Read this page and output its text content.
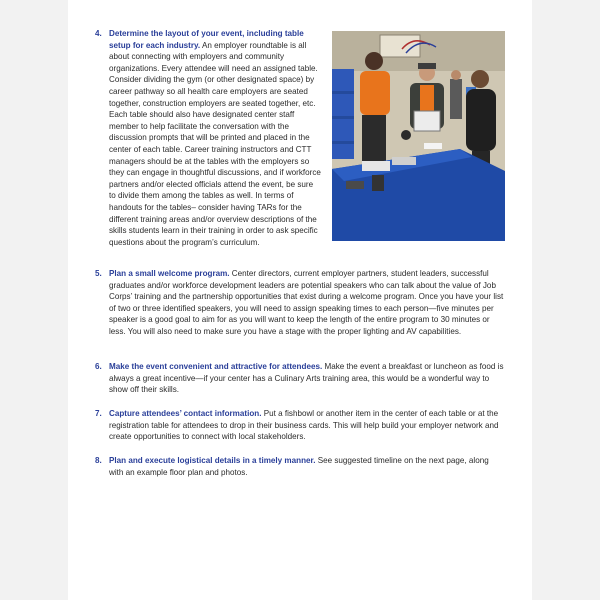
4. Determine the layout of your event, including table setup for each industry. An employer roundtable is all about connecting with employers and community organizations. Every attendee will need an assigned table. Consider dividing the gym (or other designated space) by career pathway so all health care employers are seated together, construction employers are seated together, etc. Each table should also have designated center staff member to help facilitate the conversation with the discussion prompts that will be printed and placed in the center of each table. Career training instructors and CTT managers should be at the tables with the employers so they can engage in thoughtful discussions, and if workforce partners and/or elected officials attend the event, be sure to divide them among the tables as well. In terms of handouts for the tables– consider having TARs for the different training areas and/or overview descriptions of the skills students learn in their training in order to ask specific questions about the program’s curriculum.
5. Plan a small welcome program. Center directors, current employer partners, student leaders, successful graduates and/or workforce development leaders are potential speakers who can talk about the value of Job Corps’ training and the partnership opportunities that exist during a welcome program. Once you have your list of two or three identified speakers, you will need to assign speaking times to each person—five minutes per speaker is a good goal to aim for as you will want to keep the length of the entire program to 30 minutes or less. You will also need to make sure you have a stage with the proper lighting and AV capabilities.
6. Make the event convenient and attractive for attendees. Make the event a breakfast or luncheon as food is always a great incentive—if your center has a Culinary Arts training area, this would be a wonderful way to show off their skills.
7. Capture attendees’ contact information. Put a fishbowl or another item in the center of each table or at the registration table for attendees to drop in their business cards. This will help build your employer network and create opportunities to connect with local stakeholders.
8. Plan and execute logistical details in a timely manner. See suggested timeline on the next page, along with an example floor plan and photos.
